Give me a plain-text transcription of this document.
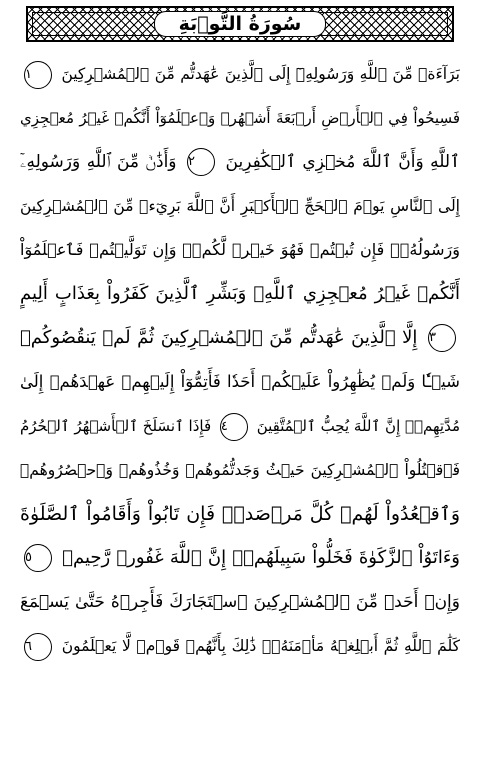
سُورَةُ التَّوۡبَةِ
بَرَآءَةٞ مِّنَ ٱللَّهِ وَرَسُولِهِۦٓ إِلَى ٱلَّذِينَ عَٰهَدتُّم مِّنَ ٱلۡمُشۡرِكِينَ ١
فَسِيحُواْ فِي ٱلۡأَرۡضِ أَرۡبَعَةَ أَشۡهُرٖ وَٱعۡلَمُوٓاْ أَنَّكُمۡ غَيۡرُ مُعۡجِزِي
ٱللَّهِ وَأَنَّ ٱللَّهَ مُخۡزِي ٱلۡكَٰفِرِينَ ٢ وَأَذَٰنٞ مِّنَ ٱللَّهِ وَرَسُولِهِۦٓ
إِلَى ٱلنَّاسِ يَوۡمَ ٱلۡحَجِّ ٱلۡأَكۡبَرِ أَنَّ ٱللَّهَ بَرِيٓءٞ مِّنَ ٱلۡمُشۡرِكِينَ
وَرَسُولُهُۥۚ فَإِن تُبۡتُمۡ فَهُوَ خَيۡرٞ لَّكُمۡۖ وَإِن تَوَلَّيۡتُمۡ فَٱعۡلَمُوٓاْ
أَنَّكُمۡ غَيۡرُ مُعۡجِزِي ٱللَّهِۗ وَبَشِّرِ ٱلَّذِينَ كَفَرُواْ بِعَذَابٍ أَلِيمٍ
٣ إِلَّا ٱلَّذِينَ عَٰهَدتُّم مِّنَ ٱلۡمُشۡرِكِينَ ثُمَّ لَمۡ يَنقُصُوكُمۡ
شَيۡـٔٗا وَلَمۡ يُظَٰهِرُواْ عَلَيۡكُمۡ أَحَدٗا فَأَتِمُّوٓاْ إِلَيۡهِمۡ عَهۡدَهُمۡ إِلَىٰ
مُدَّتِهِمۡۚ إِنَّ ٱللَّهَ يُحِبُّ ٱلۡمُتَّقِينَ ٤ فَإِذَا ٱنسَلَخَ ٱلۡأَشۡهُرُ ٱلۡحُرُمُ
فَٱقۡتُلُواْ ٱلۡمُشۡرِكِينَ حَيۡثُ وَجَدتُّمُوهُمۡ وَخُذُوهُمۡ وَٱحۡصُرُوهُمۡ
وَٱقۡعُدُواْ لَهُمۡ كُلَّ مَرۡصَدٖۚ فَإِن تَابُواْ وَأَقَامُواْ ٱلصَّلَوٰةَ
وَءَاتَوُاْ ٱلزَّكَوٰةَ فَخَلُّواْ سَبِيلَهُمۡۚ إِنَّ ٱللَّهَ غَفُورٞ رَّحِيمٞ ٥
وَإِنۡ أَحَدٞ مِّنَ ٱلۡمُشۡرِكِينَ ٱسۡتَجَارَكَ فَأَجِرۡهُ حَتَّىٰ يَسۡمَعَ
كَلَٰمَ ٱللَّهِ ثُمَّ أَبۡلِغۡهُ مَأۡمَنَهُۥۚ ذَٰلِكَ بِأَنَّهُمۡ قَوۡمٞ لَّا يَعۡلَمُونَ ٦
